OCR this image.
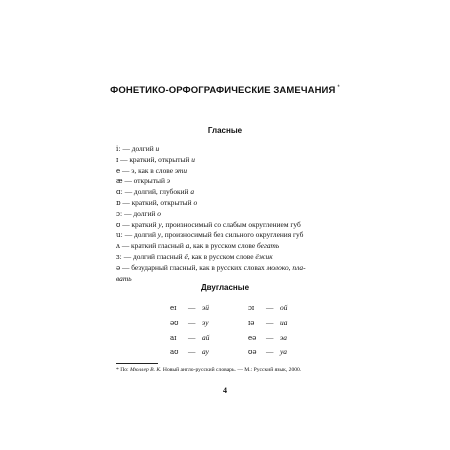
ФОНЕТИКО-ОРФОГРАФИЧЕСКИЕ ЗАМЕЧАНИЯ *
Гласные
iː — долгий и
ɪ — краткий, открытый и
e — э, как в слове эти
æ — открытый э
ɑː — долгий, глубокий а
ɒ — краткий, открытый о
ɔː — долгий о
ʊ — краткий у, произносимый со слабым округлением губ
uː — долгий у, произносимый без сильного округления губ
ʌ — краткий гласный а, как в русском слове бегать
ɜː — долгий гласный ё, как в русском слове ёжик
ə — безударный гласный, как в русских словах молоко, пла-
вать
Двугласные
eɪ — эй	ɔɪ — ой
əʊ — эу	ɪə — иа
aɪ — ай	eə — эа
aʊ — ау	ʊə — уа
* По: Мюллер В. К. Новый англо-русский словарь. — М.: Русский язык, 2000.
4
